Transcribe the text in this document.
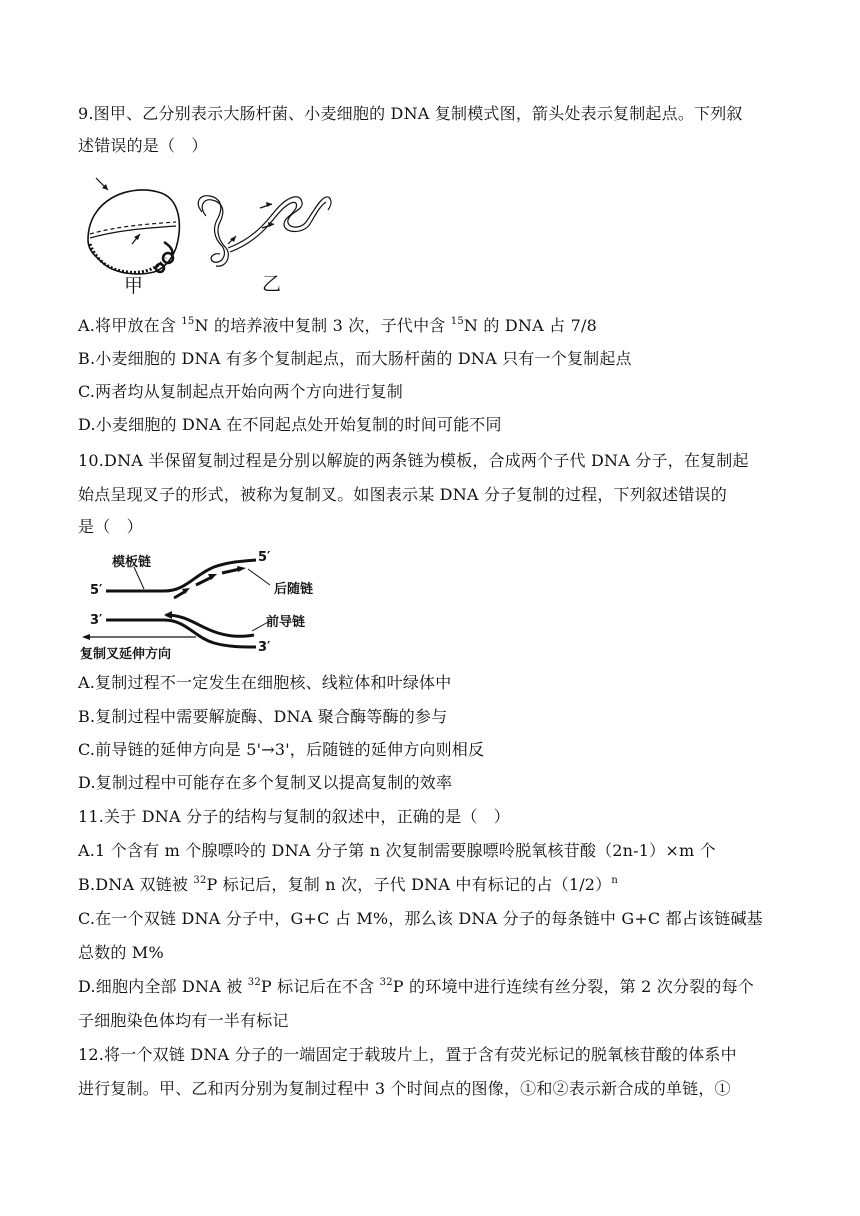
9.图甲、乙分别表示大肠杆菌、小麦细胞的 DNA 复制模式图，箭头处表示复制起点。下列叙
述错误的是（　）
甲	乙
A.将甲放在含 $^{15}$N 的培养液中复制 3 次，子代中含 $^{15}$N 的 DNA 占 7/8
B.小麦细胞的 DNA 有多个复制起点，而大肠杆菌的 DNA 只有一个复制起点
C.两者均从复制起点开始向两个方向进行复制
D.小麦细胞的 DNA 在不同起点处开始复制的时间可能不同
10.DNA 半保留复制过程是分别以解旋的两条链为模板，合成两个子代 DNA 分子，在复制起
始点呈现叉子的形式，被称为复制叉。如图表示某 DNA 分子复制的过程，下列叙述错误的
是（　）
模板链	5′
5′
3′
3′
后随链
前导链
复制叉延伸方向
A.复制过程不一定发生在细胞核、线粒体和叶绿体中
B.复制过程中需要解旋酶、DNA 聚合酶等酶的参与
C.前导链的延伸方向是 5'→3'，后随链的延伸方向则相反
D.复制过程中可能存在多个复制叉以提高复制的效率
11.关于 DNA 分子的结构与复制的叙述中，正确的是（　）
A.1 个含有 m 个腺嘌呤的 DNA 分子第 n 次复制需要腺嘌呤脱氧核苷酸（2n-1）×m 个
B.DNA 双链被 $^{32}$P 标记后，复制 n 次，子代 DNA 中有标记的占$(1/2)^n$
C.在一个双链 DNA 分子中，G+C 占 M%，那么该 DNA 分子的每条链中 G+C 都占该链碱基
总数的 M%
D.细胞内全部 DNA 被 $^{32}$P 标记后在不含 $^{32}$P 的环境中进行连续有丝分裂，第 2 次分裂的每个
子细胞染色体均有一半有标记
12.将一个双链 DNA 分子的一端固定于载玻片上，置于含有荧光标记的脱氧核苷酸的体系中
进行复制。甲、乙和丙分别为复制过程中 3 个时间点的图像，①和②表示新合成的单链，①
